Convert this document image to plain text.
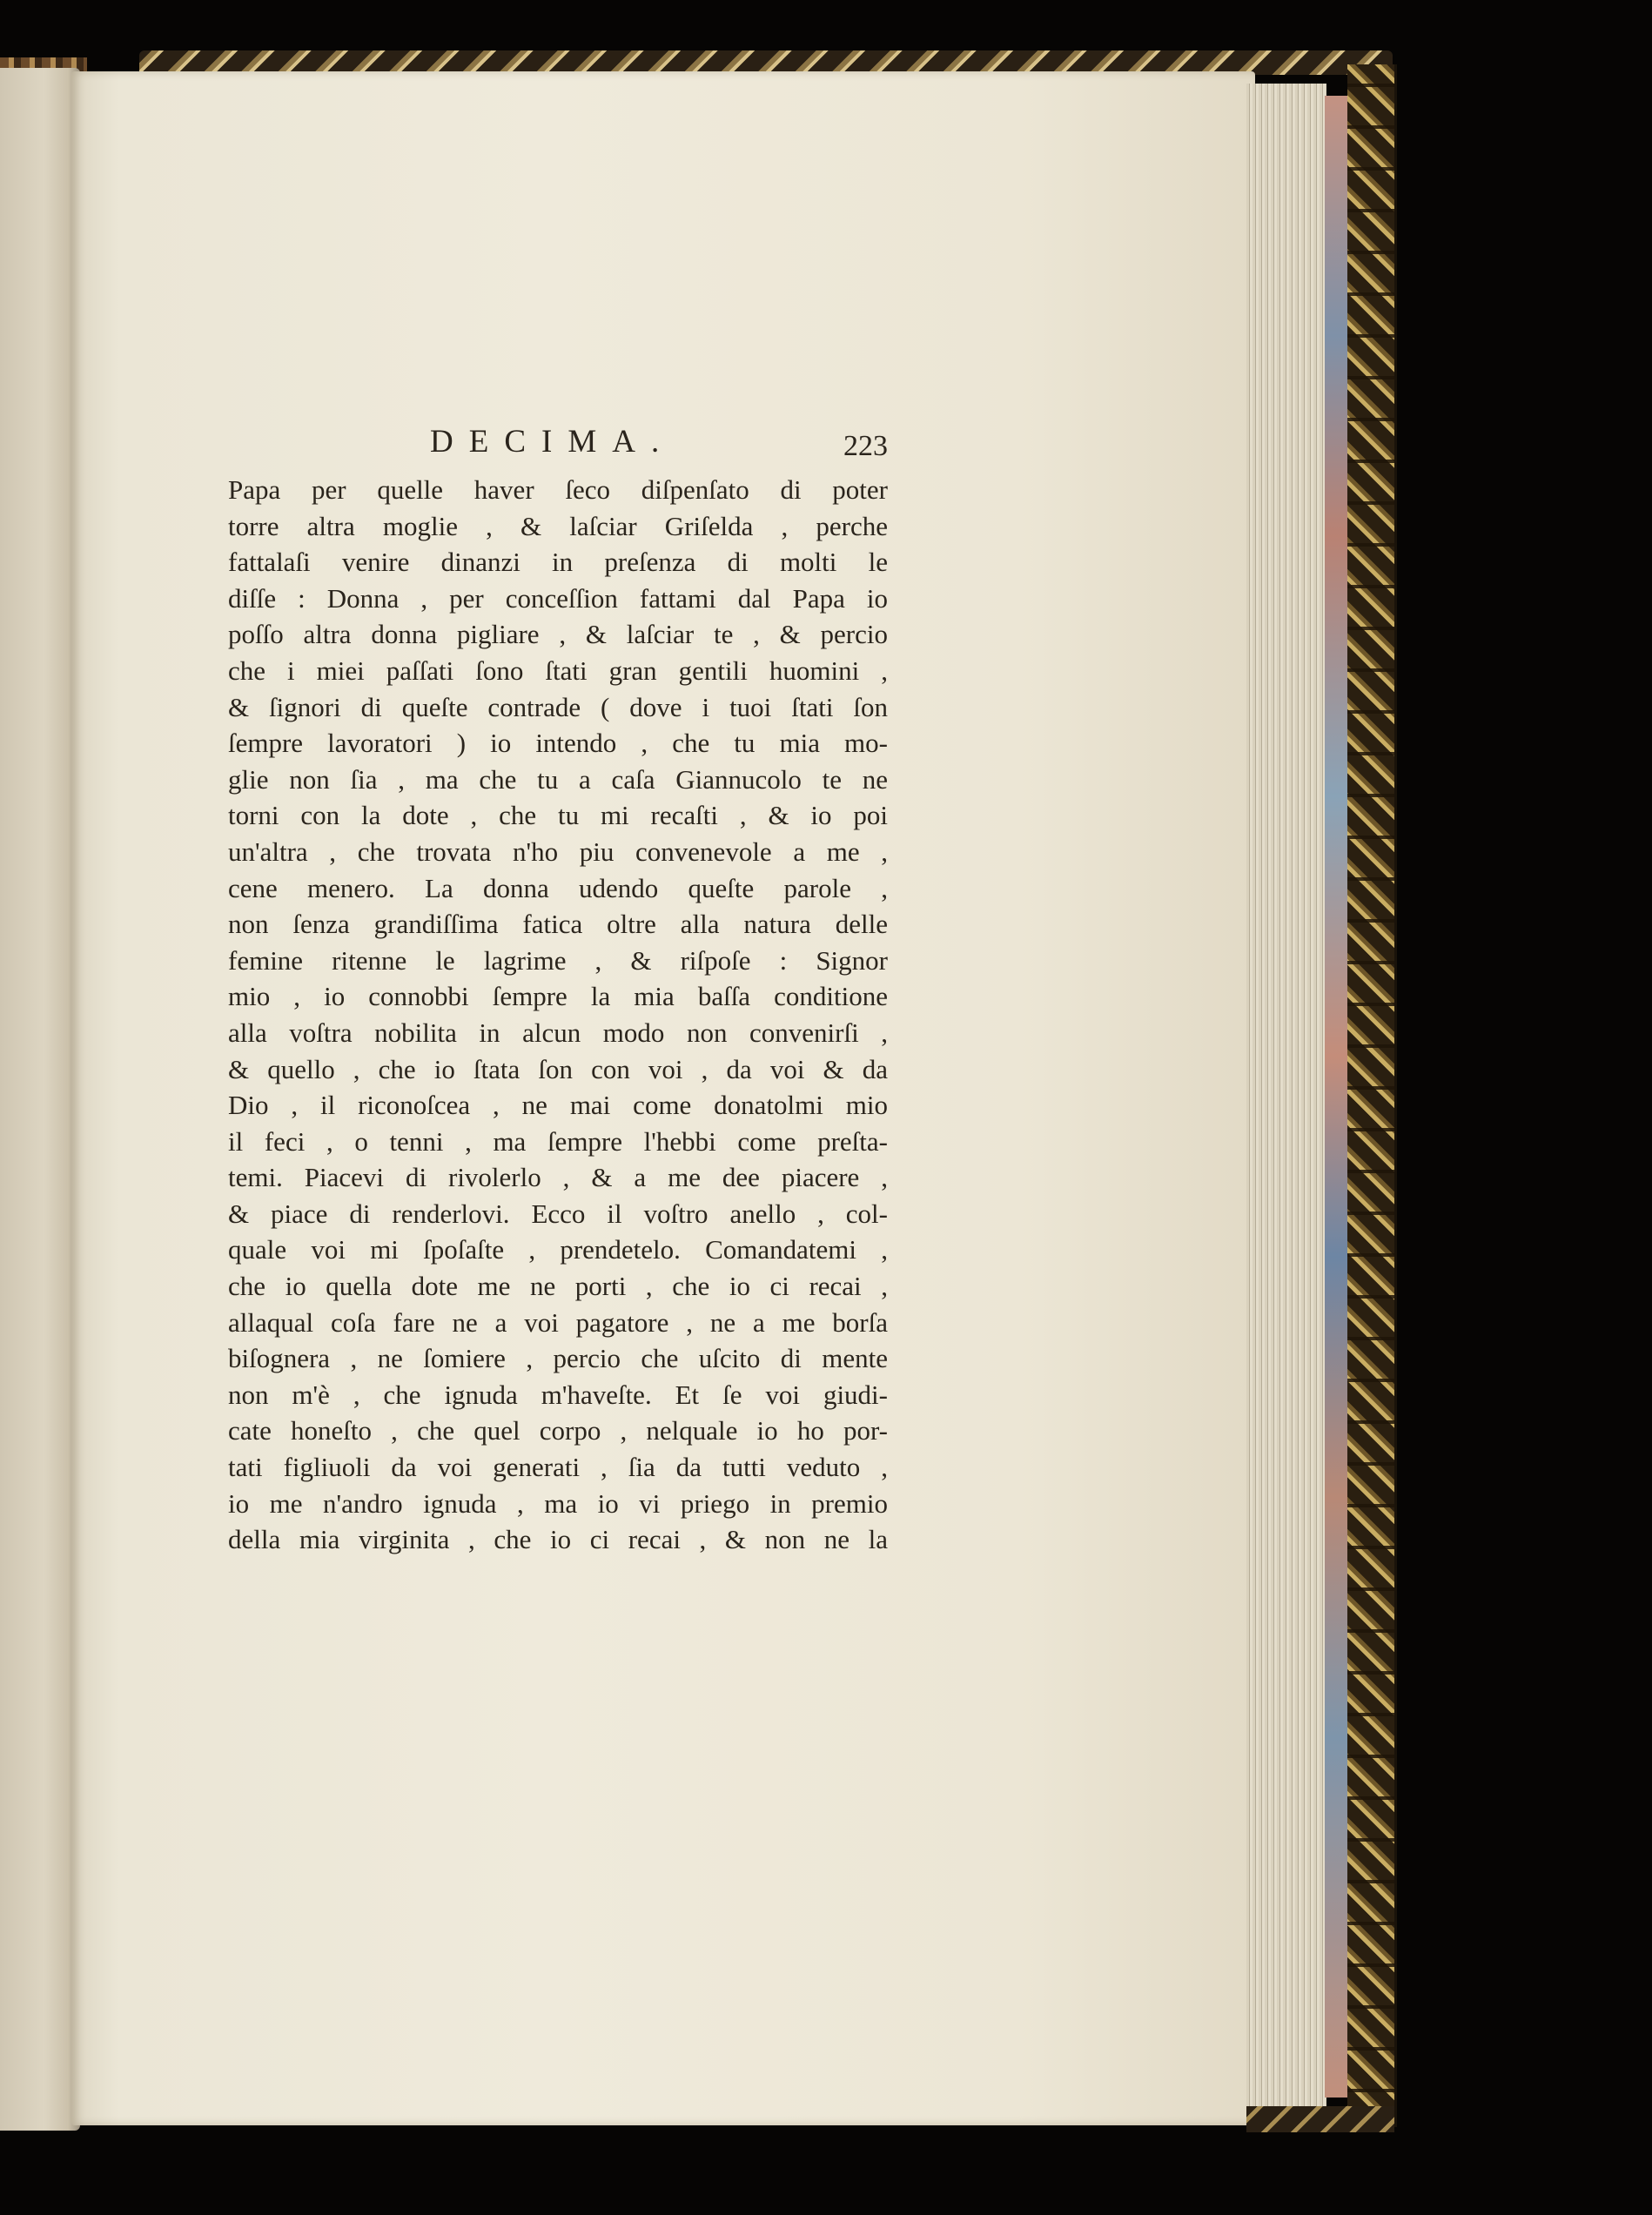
DECIMA.	223
Papa per quelle haver ſeco diſpenſato di poter
torre altra moglie , & laſciar Griſelda , perche
fattalaſi venire dinanzi in preſenza di molti le
diſſe : Donna , per conceſſion fattami dal Papa io
poſſo altra donna pigliare , & laſciar te , & percio
che i miei paſſati ſono ſtati gran gentili huomini ,
& ſignori di queſte contrade ( dove i tuoi ſtati ſon
ſempre lavoratori ) io intendo , che tu mia mo-
glie non ſia , ma che tu a caſa Giannucolo te ne
torni con la dote , che tu mi recaſti , & io poi
un'altra , che trovata n'ho piu convenevole a me ,
cene menero. La donna udendo queſte parole ,
non ſenza grandiſſima fatica oltre alla natura delle
femine ritenne le lagrime , & riſpoſe : Signor
mio , io connobbi ſempre la mia baſſa conditione
alla voſtra nobilita in alcun modo non convenirſi ,
& quello , che io ſtata ſon con voi , da voi & da
Dio , il riconoſcea , ne mai come donatolmi mio
il feci , o tenni , ma ſempre l'hebbi come preſta-
temi. Piacevi di rivolerlo , & a me dee piacere ,
& piace di renderlovi. Ecco il voſtro anello , col-
quale voi mi ſpoſaſte , prendetelo. Comandatemi ,
che io quella dote me ne porti , che io ci recai ,
allaqual coſa fare ne a voi pagatore , ne a me borſa
biſognera , ne ſomiere , percio che uſcito di mente
non m'è , che ignuda m'haveſte. Et ſe voi giudi-
cate honeſto , che quel corpo , nelquale io ho por-
tati figliuoli da voi generati , ſia da tutti veduto ,
io me n'andro ignuda , ma io vi priego in premio
della mia virginita , che io ci recai , & non ne la
